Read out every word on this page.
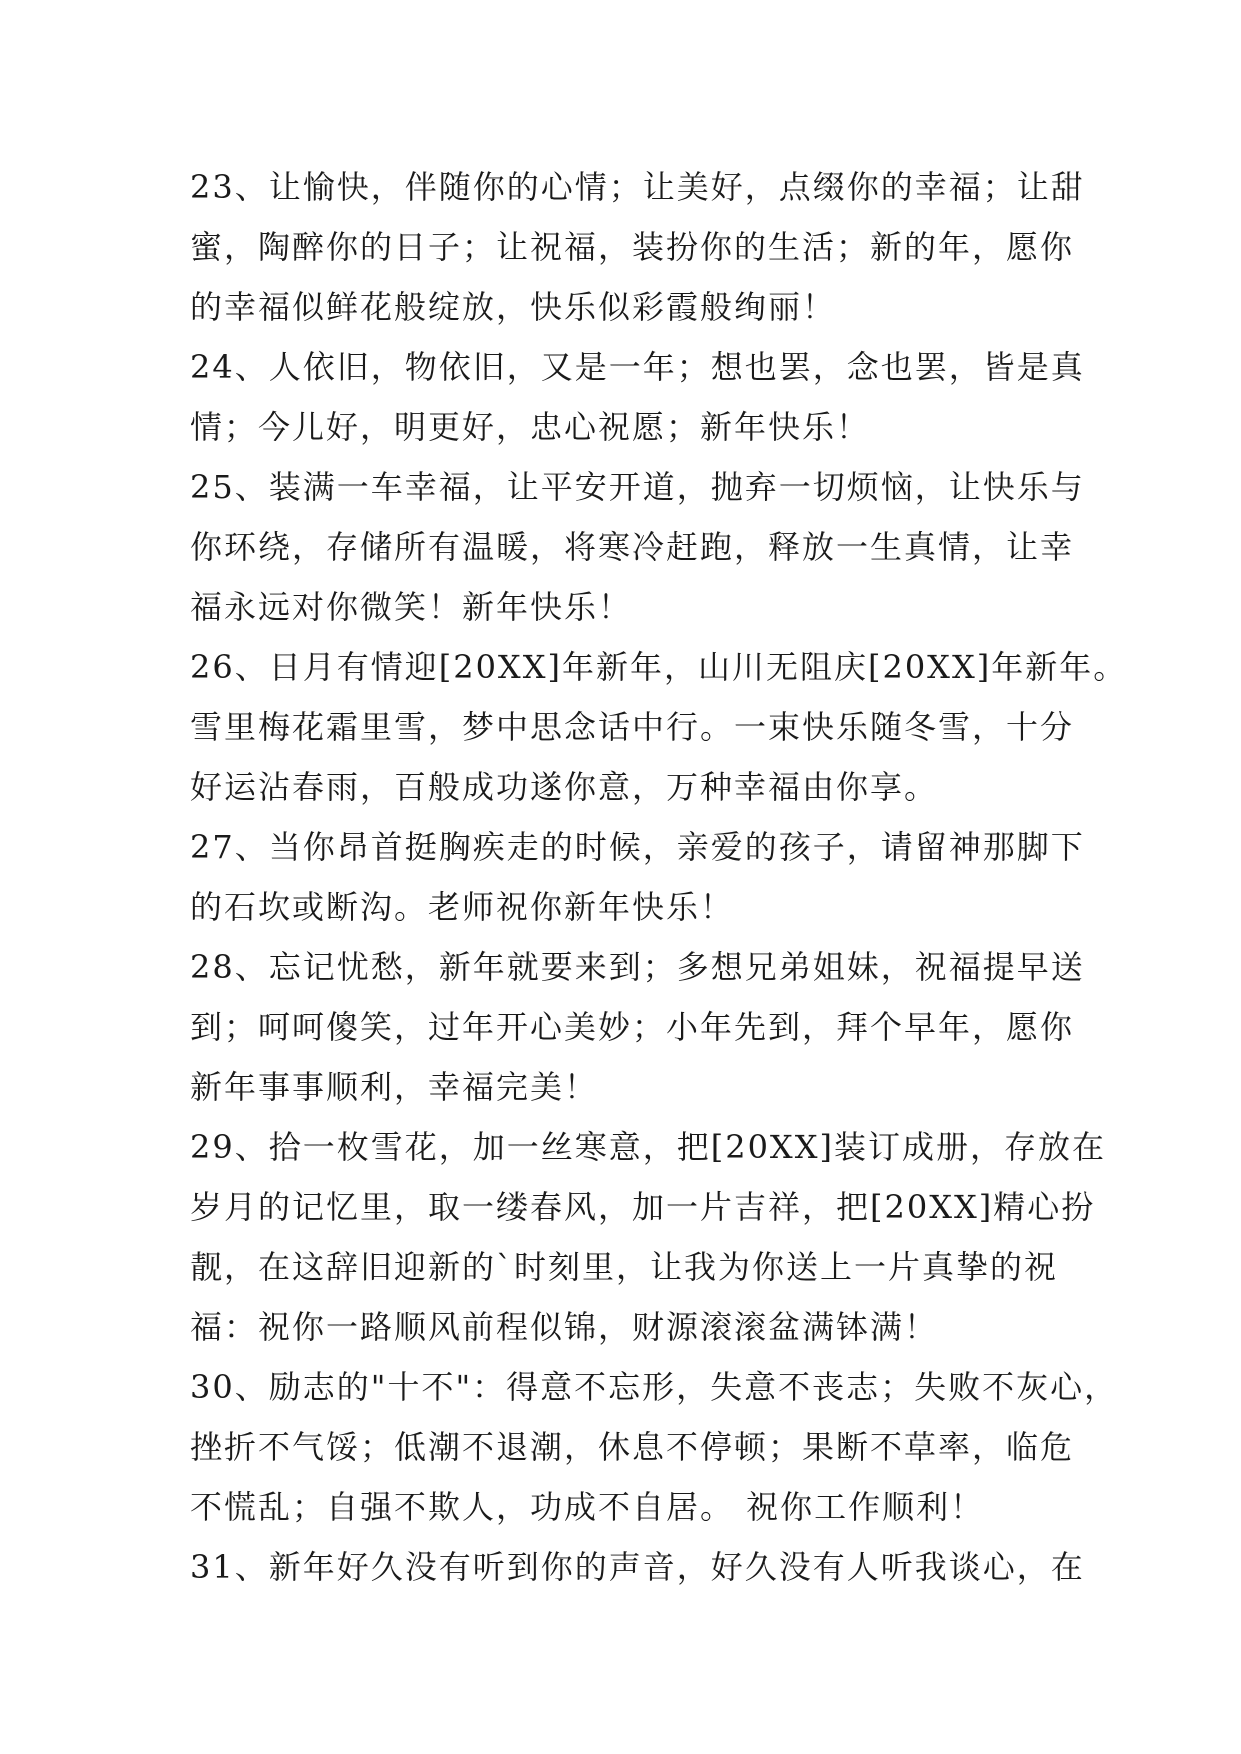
23、让愉快，伴随你的心情；让美好，点缀你的幸福；让甜
蜜，陶醉你的日子；让祝福，装扮你的生活；新的年，愿你
的幸福似鲜花般绽放，快乐似彩霞般绚丽！
24、人依旧，物依旧，又是一年；想也罢，念也罢，皆是真
情；今儿好，明更好，忠心祝愿；新年快乐！
25、装满一车幸福，让平安开道，抛弃一切烦恼，让快乐与
你环绕，存储所有温暖，将寒冷赶跑，释放一生真情，让幸
福永远对你微笑！新年快乐！
26、日月有情迎[20XX]年新年，山川无阻庆[20XX]年新年。
雪里梅花霜里雪，梦中思念话中行。一束快乐随冬雪，十分
好运沾春雨，百般成功遂你意，万种幸福由你享。
27、当你昂首挺胸疾走的时候，亲爱的孩子，请留神那脚下
的石坎或断沟。老师祝你新年快乐！
28、忘记忧愁，新年就要来到；多想兄弟姐妹，祝福提早送
到；呵呵傻笑，过年开心美妙；小年先到，拜个早年，愿你
新年事事顺利，幸福完美！
29、拾一枚雪花，加一丝寒意，把[20XX]装订成册，存放在
岁月的记忆里，取一缕春风，加一片吉祥，把[20XX]精心扮
靓，在这辞旧迎新的`时刻里，让我为你送上一片真挚的祝
福：祝你一路顺风前程似锦，财源滚滚盆满钵满！
30、励志的"十不"：得意不忘形，失意不丧志；失败不灰心，
挫折不气馁；低潮不退潮，休息不停顿；果断不草率，临危
不慌乱；自强不欺人，功成不自居。 祝你工作顺利！
31、新年好久没有听到你的声音，好久没有人听我谈心，在
